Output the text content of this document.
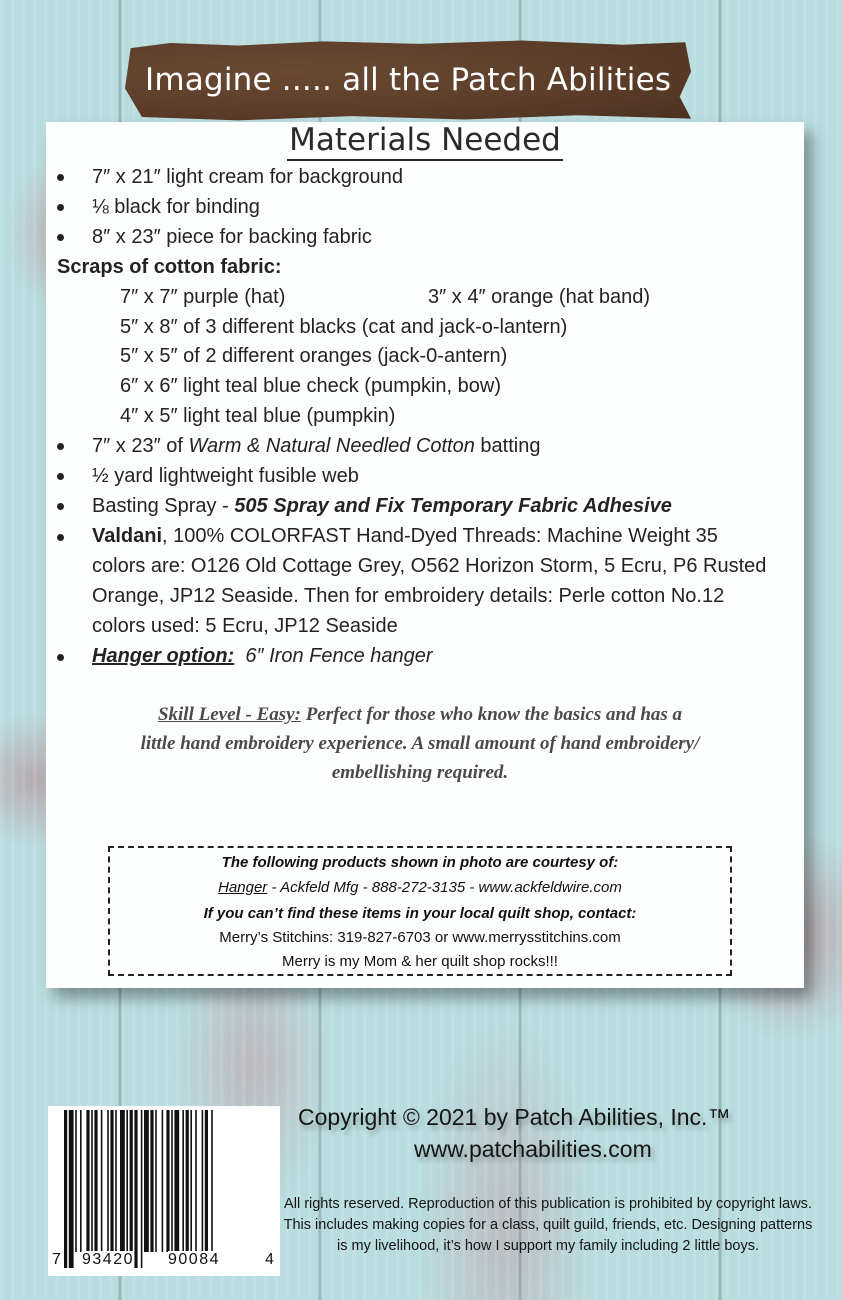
Imagine ..... all the Patch Abilities
Materials Needed
7″ x 21″ light cream for background
⅛ black for binding
8″ x 23″ piece for backing fabric
Scraps of cotton fabric:
7″ x 7″ purple (hat)	3″ x 4″ orange (hat band)
5″ x 8″ of 3 different blacks (cat and jack-o-lantern)
5″ x 5″ of 2 different oranges (jack-0-antern)
6″ x 6″ light teal blue check (pumpkin, bow)
4″ x 5″ light teal blue (pumpkin)
7″ x 23″ of Warm & Natural Needled Cotton batting
½ yard lightweight fusible web
Basting Spray - 505 Spray and Fix Temporary Fabric Adhesive
Valdani, 100% COLORFAST Hand-Dyed Threads: Machine Weight 35
colors are: O126 Old Cottage Grey, O562 Horizon Storm, 5 Ecru, P6 Rusted
Orange, JP12 Seaside. Then for embroidery details: Perle cotton No.12
colors used: 5 Ecru, JP12 Seaside
Hanger option: 6″ Iron Fence hanger
Skill Level - Easy: Perfect for those who know the basics and has a
little hand embroidery experience. A small amount of hand embroidery/
embellishing required.
The following products shown in photo are courtesy of:
Hanger - Ackfeld Mfg - 888-272-3135 - www.ackfeldwire.com
If you can’t find these items in your local quilt shop, contact:
Merry’s Stitchins: 319-827-6703 or www.merrysstitchins.com
Merry is my Mom & her quilt shop rocks!!!
7 93420 90084	4
Copyright © 2021 by Patch Abilities, Inc.™
www.patchabilities.com
All rights reserved. Reproduction of this publication is prohibited by copyright laws. This includes making copies for a class, quilt guild, friends, etc. Designing patterns is my livelihood, it’s how I support my family including 2 little boys.
